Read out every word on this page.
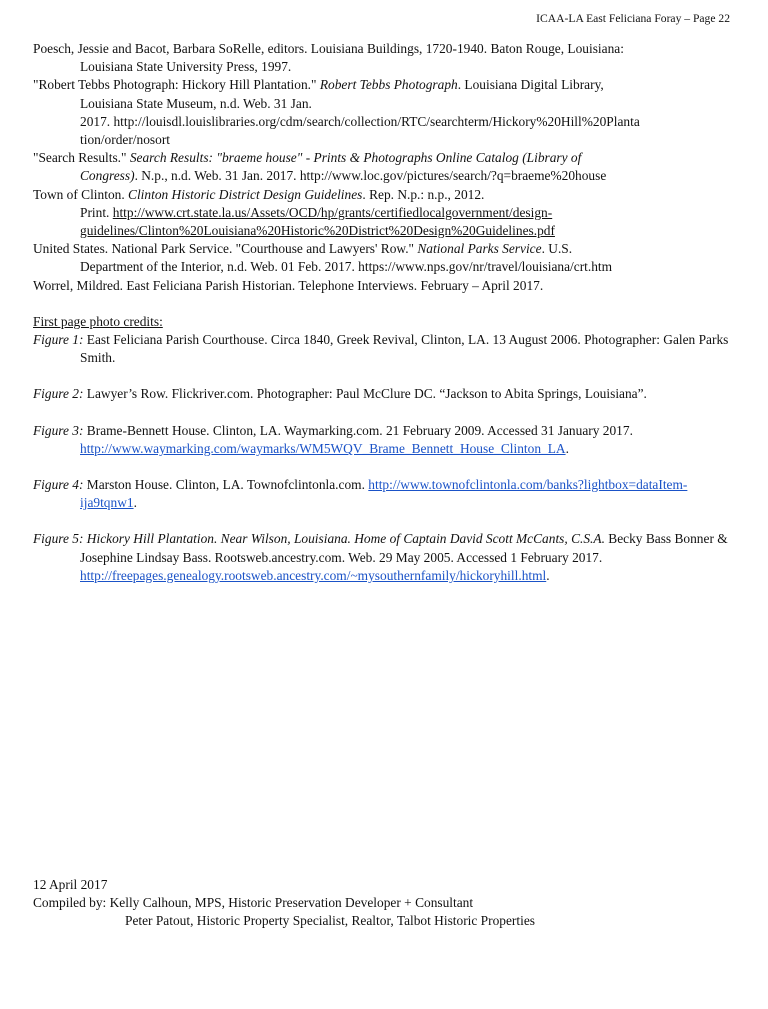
ICAA-LA East Feliciana Foray – Page 22

Poesch, Jessie and Bacot, Barbara SoRelle, editors. Louisiana Buildings, 1720-1940. Baton Rouge, Louisiana:
Louisiana State University Press, 1997.

"Robert Tebbs Photograph: Hickory Hill Plantation." Robert Tebbs Photograph. Louisiana Digital Library,
Louisiana State Museum, n.d. Web. 31 Jan.
2017. http://louisdl.louislibraries.org/cdm/search/collection/RTC/searchterm/Hickory%20Hill%20Planta
tion/order/nosort

"Search Results." Search Results: "braeme house" - Prints & Photographs Online Catalog (Library of
Congress). N.p., n.d. Web. 31 Jan. 2017. http://www.loc.gov/pictures/search/?q=braeme%20house

Town of Clinton. Clinton Historic District Design Guidelines. Rep. N.p.: n.p., 2012.
Print. http://www.crt.state.la.us/Assets/OCD/hp/grants/certifiedlocalgovernment/design-
guidelines/Clinton%20Louisiana%20Historic%20District%20Design%20Guidelines.pdf

United States. National Park Service. "Courthouse and Lawyers' Row." National Parks Service. U.S.
Department of the Interior, n.d. Web. 01 Feb. 2017. https://www.nps.gov/nr/travel/louisiana/crt.htm

Worrel, Mildred. East Feliciana Parish Historian. Telephone Interviews. February – April 2017.

First page photo credits:

Figure 1: East Feliciana Parish Courthouse. Circa 1840, Greek Revival, Clinton, LA. 13 August 2006. Photographer: Galen Parks Smith.

Figure 2: Lawyer’s Row. Flickriver.com. Photographer: Paul McClure DC. “Jackson to Abita Springs, Louisiana”.

Figure 3: Brame-Bennett House. Clinton, LA. Waymarking.com. 21 February 2009. Accessed 31 January 2017. http://www.waymarking.com/waymarks/WM5WQV_Brame_Bennett_House_Clinton_LA.

Figure 4: Marston House. Clinton, LA. Townofclintonla.com. http://www.townofclintonla.com/banks?lightbox=dataItem-ija9tqnw1.

Figure 5: Hickory Hill Plantation. Near Wilson, Louisiana. Home of Captain David Scott McCants, C.S.A. Becky Bass Bonner & Josephine Lindsay Bass. Rootsweb.ancestry.com. Web. 29 May 2005. Accessed 1 February 2017. http://freepages.genealogy.rootsweb.ancestry.com/~mysouthernfamily/hickoryhill.html.

12 April 2017
Compiled by: Kelly Calhoun, MPS, Historic Preservation Developer + Consultant
Peter Patout, Historic Property Specialist, Realtor, Talbot Historic Properties
